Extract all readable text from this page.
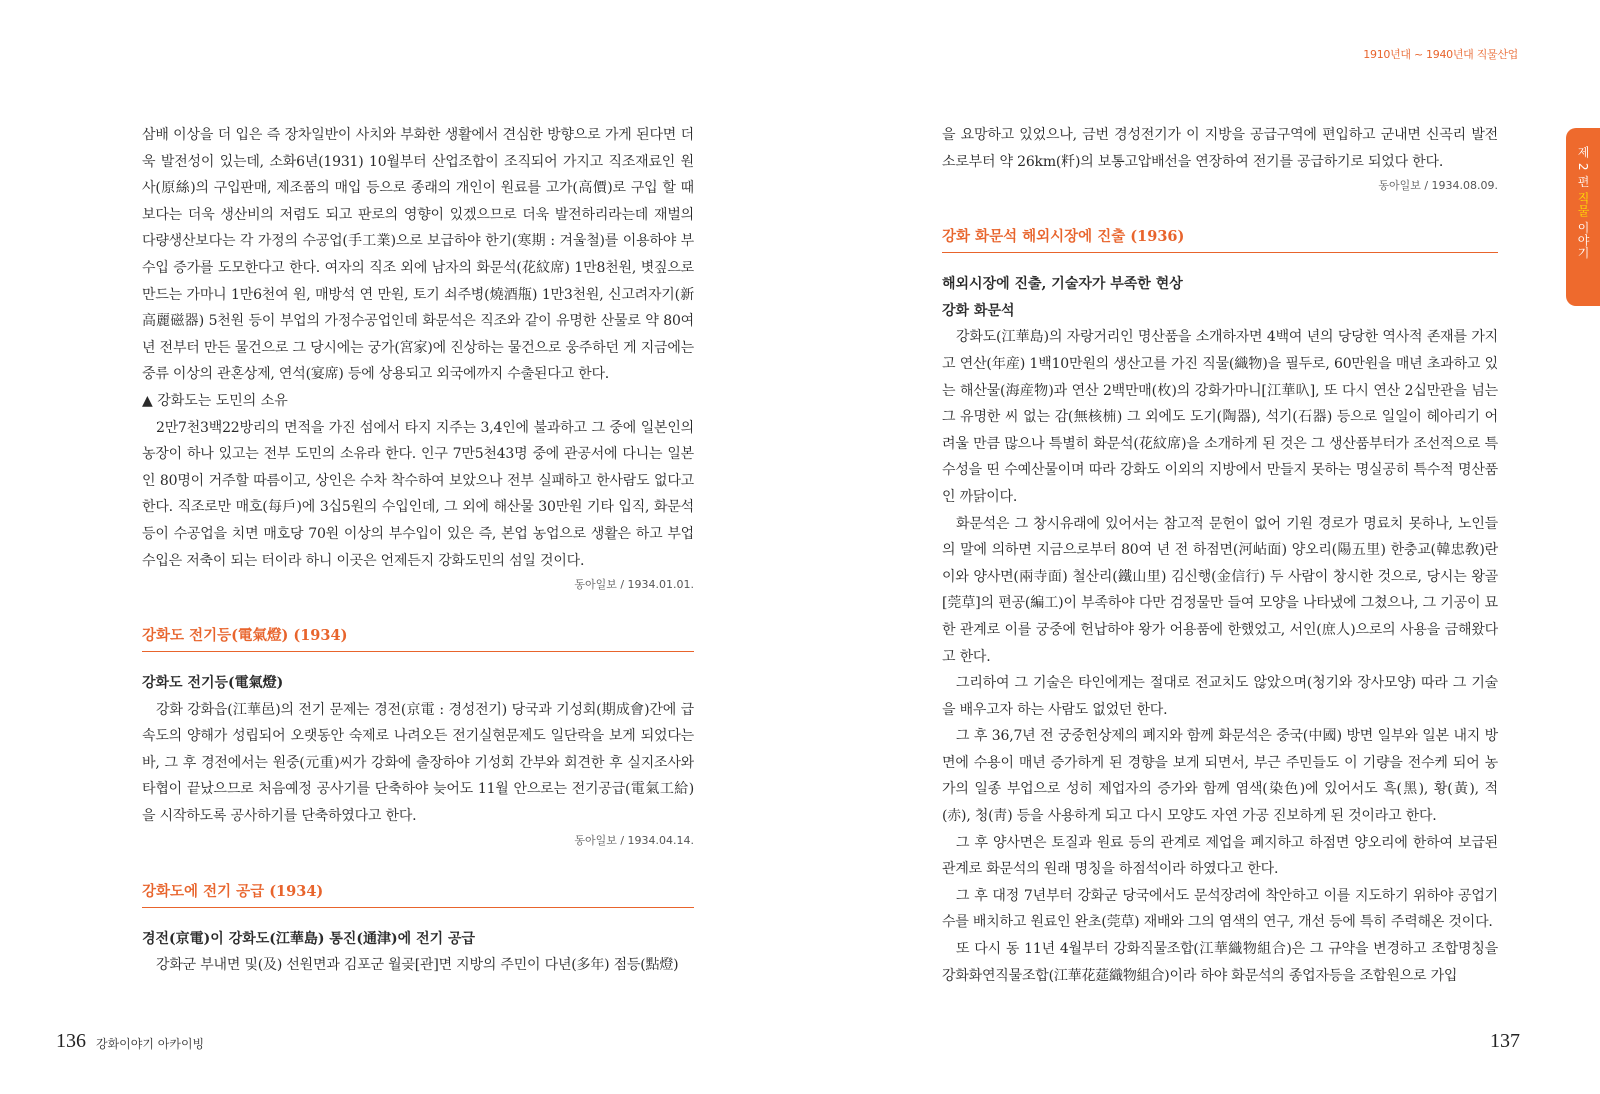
1910년대 ~ 1940년대 직물산업
제 2 편 직물 이야기

삼배 이상을 더 입은 즉 장차일반이 사치와 부화한 생활에서 견심한 방향으로 가게 된다면 더욱 발전성이 있는데, 소화6년(1931) 10월부터 산업조합이 조직되어 가지고 직조재료인 원사(原絲)의 구입판매, 제조품의 매입 등으로 종래의 개인이 원료를 고가(高價)로 구입 할 때보다는 더욱 생산비의 저렴도 되고 판로의 영향이 있겠으므로 더욱 발전하리라는데 재벌의 다량생산보다는 각 가정의 수공업(手工業)으로 보급하야 한기(寒期 : 겨울철)를 이용하야 부수입 증가를 도모한다고 한다. 여자의 직조 외에 남자의 화문석(花紋席) 1만8천원, 볏짚으로 만드는 가마니 1만6천여 원, 매방석 연 만원, 토기 쇠주병(燒酒甁) 1만3천원, 신고려자기(新高麗磁器) 5천원 등이 부업의 가정수공업인데 화문석은 직조와 같이 유명한 산물로 약 80여년 전부터 만든 물건으로 그 당시에는 궁가(宮家)에 진상하는 물건으로 웅주하던 게 지금에는 중류 이상의 관혼상제, 연석(宴席) 등에 상용되고 외국에까지 수출된다고 한다.

▲ 강화도는 도민의 소유

2만7천3백22방리의 면적을 가진 섬에서 타지 지주는 3,4인에 불과하고 그 중에 일본인의 농장이 하나 있고는 전부 도민의 소유라 한다. 인구 7만5천43명 중에 관공서에 다니는 일본인 80명이 거주할 따름이고, 상인은 수차 착수하여 보았으나 전부 실패하고 한사람도 없다고 한다. 직조로만 매호(每戶)에 3십5원의 수입인데, 그 외에 해산물 30만원 기타 입직, 화문석 등이 수공업을 치면 매호당 70원 이상의 부수입이 있은 즉, 본업 농업으로 생활은 하고 부업수입은 저축이 되는 터이라 하니 이곳은 언제든지 강화도민의 섬일 것이다.

동아일보 / 1934.01.01.

강화도 전기등(電氣燈) (1934)

강화도 전기등(電氣燈)

강화 강화읍(江華邑)의 전기 문제는 경전(京電 : 경성전기) 당국과 기성회(期成會)간에 급속도의 양해가 성립되어 오랫동안 숙제로 나려오든 전기실현문제도 일단락을 보게 되었다는 바, 그 후 경전에서는 원중(元重)씨가 강화에 출장하야 기성회 간부와 회견한 후 실지조사와 타협이 끝났으므로 처음예정 공사기를 단축하야 늦어도 11월 안으로는 전기공급(電氣工給)을 시작하도록 공사하기를 단축하였다고 한다.

동아일보 / 1934.04.14.

강화도에 전기 공급 (1934)

경전(京電)이 강화도(江華島) 통진(通津)에 전기 공급

강화군 부내면 및(及) 선원면과 김포군 월곶[관]면 지방의 주민이 다년(多年) 점등(點燈)

을 요망하고 있었으나, 금번 경성전기가 이 지방을 공급구역에 편입하고 군내면 신곡리 발전소로부터 약 26km(粁)의 보통고압배선을 연장하여 전기를 공급하기로 되었다 한다.

동아일보 / 1934.08.09.

강화 화문석 해외시장에 진출 (1936)

해외시장에 진출, 기술자가 부족한 현상

강화 화문석

강화도(江華島)의 자랑거리인 명산품을 소개하자면 4백여 년의 당당한 역사적 존재를 가지고 연산(年産) 1백10만원의 생산고를 가진 직물(織物)을 필두로, 60만원을 매년 초과하고 있는 해산물(海産物)과 연산 2백만매(枚)의 강화가마니[江華叺], 또 다시 연산 2십만관을 넘는 그 유명한 씨 없는 감(無核枾) 그 외에도 도기(陶器), 석기(石器) 등으로 일일이 헤아리기 어려울 만큼 많으나 특별히 화문석(花紋席)을 소개하게 된 것은 그 생산품부터가 조선적으로 특수성을 띤 수예산물이며 따라 강화도 이외의 지방에서 만들지 못하는 명실공히 특수적 명산품인 까닭이다.

화문석은 그 창시유래에 있어서는 참고적 문헌이 없어 기원 경로가 명료치 못하나, 노인들의 말에 의하면 지금으로부터 80여 년 전 하점면(河岾面) 양오리(陽五里) 한충교(韓忠敎)란 이와 양사면(兩寺面) 철산리(鐵山里) 김신행(金信行) 두 사람이 창시한 것으로, 당시는 왕골[莞草]의 편공(編工)이 부족하야 다만 검정물만 들여 모양을 나타냈에 그쳤으나, 그 기공이 묘한 관계로 이를 궁중에 헌납하야 왕가 어용품에 한했었고, 서인(庶人)으로의 사용을 금해왔다고 한다.

그리하여 그 기술은 타인에게는 절대로 전교치도 않았으며(청기와 장사모양) 따라 그 기술을 배우고자 하는 사람도 없었던 한다.

그 후 36,7년 전 궁중헌상제의 폐지와 함께 화문석은 중국(中國) 방면 일부와 일본 내지 방면에 수용이 매년 증가하게 된 경향을 보게 되면서, 부근 주민들도 이 기량을 전수케 되어 농가의 일종 부업으로 성히 제업자의 증가와 함께 염색(染色)에 있어서도 흑(黑), 황(黃), 적(赤), 청(靑) 등을 사용하게 되고 다시 모양도 자연 가공 진보하게 된 것이라고 한다.

그 후 양사면은 토질과 원료 등의 관계로 제업을 폐지하고 하점면 양오리에 한하여 보급된 관계로 화문석의 원래 명칭을 하점석이라 하였다고 한다.

그 후 대정 7년부터 강화군 당국에서도 문석장려에 착안하고 이를 지도하기 위하야 공업기수를 배치하고 원료인 완초(莞草) 재배와 그의 염색의 연구, 개선 등에 특히 주력해온 것이다.

또 다시 동 11년 4월부터 강화직물조합(江華織物組合)은 그 규약을 변경하고 조합명칭을 강화화연직물조합(江華花莚織物組合)이라 하야 화문석의 종업자등을 조합원으로 가입

136 강화이야기 아카이빙	137
